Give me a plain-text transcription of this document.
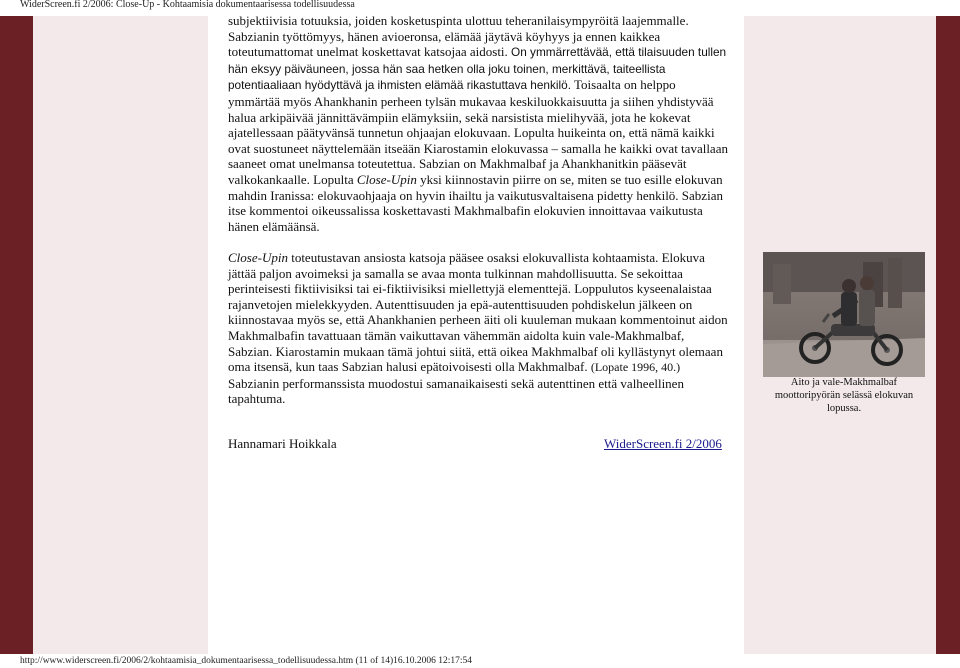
WiderScreen.fi 2/2006: Close-Up - Kohtaamisia dokumentaarisessa todellisuudessa

subjektiivisia totuuksia, joiden kosketuspinta ulottuu teheranilaisympyröitä laajemmalle. Sabzianin työttömyys, hänen avioeronsa, elämää jäytävä köyhyys ja ennen kaikkea toteutumattomat unelmat koskettavat katsojaa aidosti. On ymmärrettävää, että tilaisuuden tullen hän eksyy päiväuneen, jossa hän saa hetken olla joku toinen, merkittävä, taiteellista potentiaaliaan hyödyttävä ja ihmisten elämää rikastuttava henkilö. Toisaalta on helppo ymmärtää myös Ahankhanin perheen tylsän mukavaa keskiluokkaisuutta ja siihen yhdistyvää halua arkipäivää jännittävämpiin elämyksiin, sekä narsistista mielihyvää, jota he kokevat ajatellessaan päätyvänsä tunnetun ohjaajan elokuvaan. Lopulta huikeinta on, että nämä kaikki ovat suostuneet näyttelemään itseään Kiarostamin elokuvassa – samalla he kaikki ovat tavallaan saaneet omat unelmansa toteutettua. Sabzian on Makhmalbaf ja Ahankhanitkin pääsevät valkokankaalle. Lopulta Close-Upin yksi kiinnostavin piirre on se, miten se tuo esille elokuvan mahdin Iranissa: elokuvaohjaaja on hyvin ihailtu ja vaikutusvaltaisena pidetty henkilö. Sabzian itse kommentoi oikeussalissa koskettavasti Makhmalbafin elokuvien innoittavaa vaikutusta hänen elämäänsä.

Close-Upin toteutustavan ansiosta katsoja pääsee osaksi elokuvallista kohtaamista. Elokuva jättää paljon avoimeksi ja samalla se avaa monta tulkinnan mahdollisuutta. Se sekoittaa perinteisesti fiktiivisiksi tai ei-fiktiivisiksi miellettyjä elementtejä. Loppulutos kyseenalaistaa rajanvetojen mielekkyyden. Autenttisuuden ja epä-autenttisuuden pohdiskelun jälkeen on kiinnostavaa myös se, että Ahankhanien perheen äiti oli kuuleman mukaan kommentoinut aidon Makhmalbafin tavattuaan tämän vaikuttavan vähemmän aidolta kuin vale-Makhmalbaf, Sabzian. Kiarostamin mukaan tämä johtui siitä, että oikea Makhmalbaf oli kyllästynyt olemaan oma itsensä, kun taas Sabzian halusi epätoivoisesti olla Makhmalbaf. (Lopate 1996, 40.) Sabzianin performanssista muodostui samanaikaisesti sekä autenttinen että valheellinen tapahtuma.

Hannamari Hoikkala	WiderScreen.fi 2/2006
Aito ja vale-Makhmalbaf moottoripyörän selässä elokuvan lopussa.
http://www.widerscreen.fi/2006/2/kohtaamisia_dokumentaarisessa_todellisuudessa.htm (11 of 14)16.10.2006 12:17:54
